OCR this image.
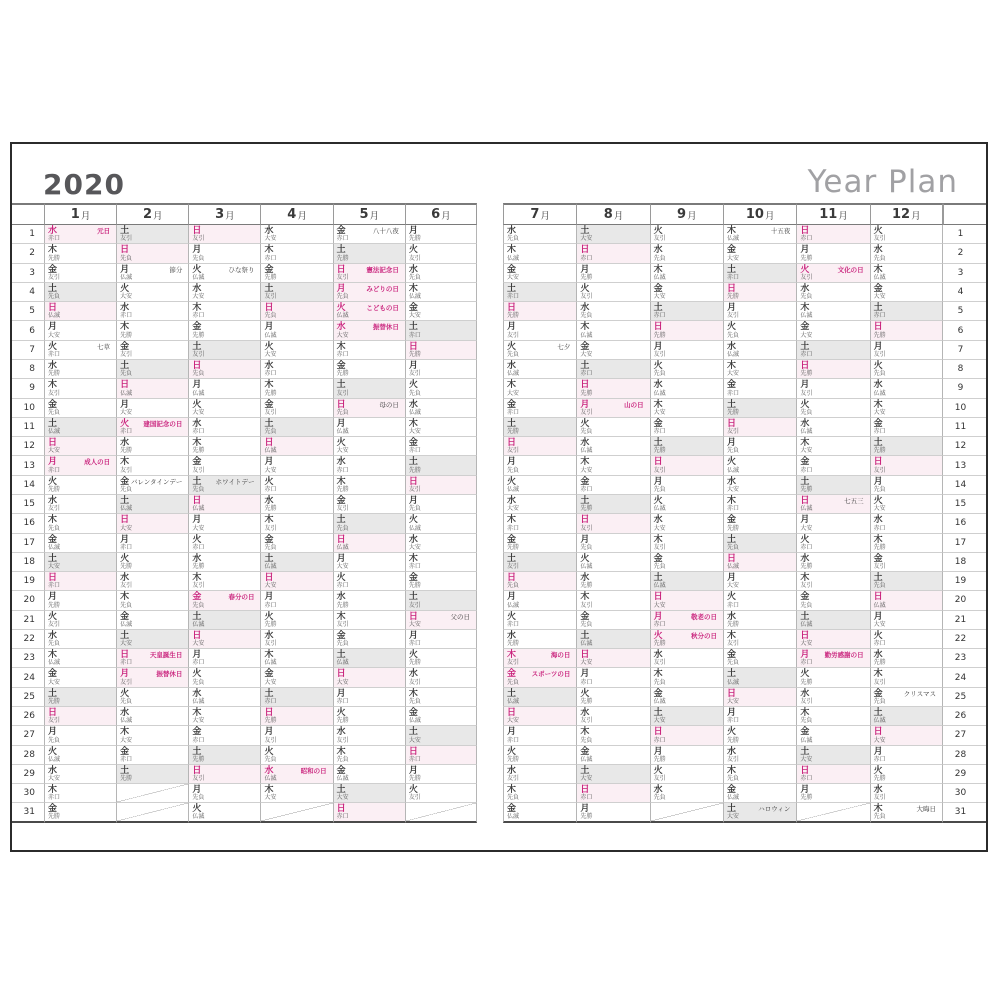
2020	Year Plan
1 月
水
赤口
元日
木
先勝
金
友引
土
先負
日
仏滅
月
大安
火
赤口
七草
水
先勝
木
友引
金
先負
土
仏滅
日
大安
月
赤口
成人の日
火
先勝
水
友引
木
先負
金
仏滅
土
大安
日
赤口
月
先勝
火
友引
水
先負
木
仏滅
金
大安
土
先勝
日
友引
月
先負
火
仏滅
水
大安
木
赤口
金
先勝
2 月
土
友引
日
先負
月
仏滅
節分
火
大安
水
赤口
木
先勝
金
友引
土
先負
日
仏滅
月
大安
火
赤口
建国記念の日
水
先勝
木
友引
金
先負
バレンタインデー
土
仏滅
日
大安
月
赤口
火
先勝
水
友引
木
先負
金
仏滅
土
大安
日
赤口
天皇誕生日
月
友引
振替休日
火
先負
水
仏滅
木
大安
金
赤口
土
先勝
3 月
日
友引
月
先負
火
仏滅
ひな祭り
水
大安
木
赤口
金
先勝
土
友引
日
先負
月
仏滅
火
大安
水
赤口
木
先勝
金
友引
土
先負
ホワイトデー
日
仏滅
月
大安
火
赤口
水
先勝
木
友引
金
先負
春分の日
土
仏滅
日
大安
月
赤口
火
先負
水
仏滅
木
大安
金
赤口
土
先勝
日
友引
月
先負
火
仏滅
4 月
水
大安
木
赤口
金
先勝
土
友引
日
先負
月
仏滅
火
大安
水
赤口
木
先勝
金
友引
土
先負
日
仏滅
月
大安
火
赤口
水
先勝
木
友引
金
先負
土
仏滅
日
大安
月
赤口
火
先勝
水
友引
木
仏滅
金
大安
土
赤口
日
先勝
月
友引
火
先負
水
仏滅
昭和の日
木
大安
5 月
金
赤口
八十八夜
土
先勝
日
友引
憲法記念日
月
先負
みどりの日
火
仏滅
こどもの日
水
大安
振替休日
木
赤口
金
先勝
土
友引
日
先負
母の日
月
仏滅
火
大安
水
赤口
木
先勝
金
友引
土
先負
日
仏滅
月
大安
火
赤口
水
先勝
木
友引
金
先負
土
仏滅
日
大安
月
赤口
火
先勝
水
友引
木
先負
金
仏滅
土
大安
日
赤口
6 月
月
先勝
火
友引
水
先負
木
仏滅
金
大安
土
赤口
日
先勝
月
友引
火
先負
水
仏滅
木
大安
金
赤口
土
先勝
日
友引
月
先負
火
仏滅
水
大安
木
赤口
金
先勝
土
友引
日
大安
父の日
月
赤口
火
先勝
水
友引
木
先負
金
仏滅
土
大安
日
赤口
月
先勝
火
友引
1
2
3
4
5
6
7
8
9
10
11
12
13
14
15
16
17
18
19
20
21
22
23
24
25
26
27
28
29
30
31
7 月
水
先負
木
仏滅
金
大安
土
赤口
日
先勝
月
友引
火
先負
七夕
水
仏滅
木
大安
金
赤口
土
先勝
日
友引
月
先負
火
仏滅
水
大安
木
赤口
金
先勝
土
友引
日
先負
月
仏滅
火
赤口
水
先勝
木
友引
海の日
金
先負
スポーツの日
土
仏滅
日
大安
月
赤口
火
先勝
水
友引
木
先負
金
仏滅
8 月
土
大安
日
赤口
月
先勝
火
友引
水
先負
木
仏滅
金
大安
土
赤口
日
先勝
月
友引
山の日
火
先負
水
仏滅
木
大安
金
赤口
土
先勝
日
友引
月
先負
火
仏滅
水
先勝
木
友引
金
先負
土
仏滅
日
大安
月
赤口
火
先勝
水
友引
木
先負
金
仏滅
土
大安
日
赤口
月
先勝
9 月
火
友引
水
先負
木
仏滅
金
大安
土
赤口
日
先勝
月
友引
火
先負
水
仏滅
木
大安
金
赤口
土
先勝
日
友引
月
先負
火
仏滅
水
大安
木
友引
金
先負
土
仏滅
日
大安
月
赤口
敬老の日
火
先勝
秋分の日
水
友引
木
先負
金
仏滅
土
大安
日
赤口
月
先勝
火
友引
水
先負
10 月
木
仏滅
十五夜
金
大安
土
赤口
日
先勝
月
友引
火
先負
水
仏滅
木
大安
金
赤口
土
先勝
日
友引
月
先負
火
仏滅
水
大安
木
赤口
金
先勝
土
先負
日
仏滅
月
大安
火
赤口
水
先勝
木
友引
金
先負
土
仏滅
日
大安
月
赤口
火
先勝
水
友引
木
先負
金
仏滅
土
大安
ハロウィン
11 月
日
赤口
月
先勝
火
友引
文化の日
水
先負
木
仏滅
金
大安
土
赤口
日
先勝
月
友引
火
先負
水
仏滅
木
大安
金
赤口
土
先勝
日
仏滅
七五三
月
大安
火
赤口
水
先勝
木
友引
金
先負
土
仏滅
日
大安
月
赤口
勤労感謝の日
火
先勝
水
友引
木
先負
金
仏滅
土
大安
日
赤口
月
先勝
12 月
火
友引
水
先負
木
仏滅
金
大安
土
赤口
日
先勝
月
友引
火
先負
水
仏滅
木
大安
金
赤口
土
先勝
日
友引
月
先負
火
大安
水
赤口
木
先勝
金
友引
土
先負
日
仏滅
月
大安
火
赤口
水
先勝
木
友引
金
先負
クリスマス
土
仏滅
日
大安
月
赤口
火
先勝
水
友引
木
先負
大晦日
1
2
3
4
5
6
7
8
9
10
11
12
13
14
15
16
17
18
19
20
21
22
23
24
25
26
27
28
29
30
31
